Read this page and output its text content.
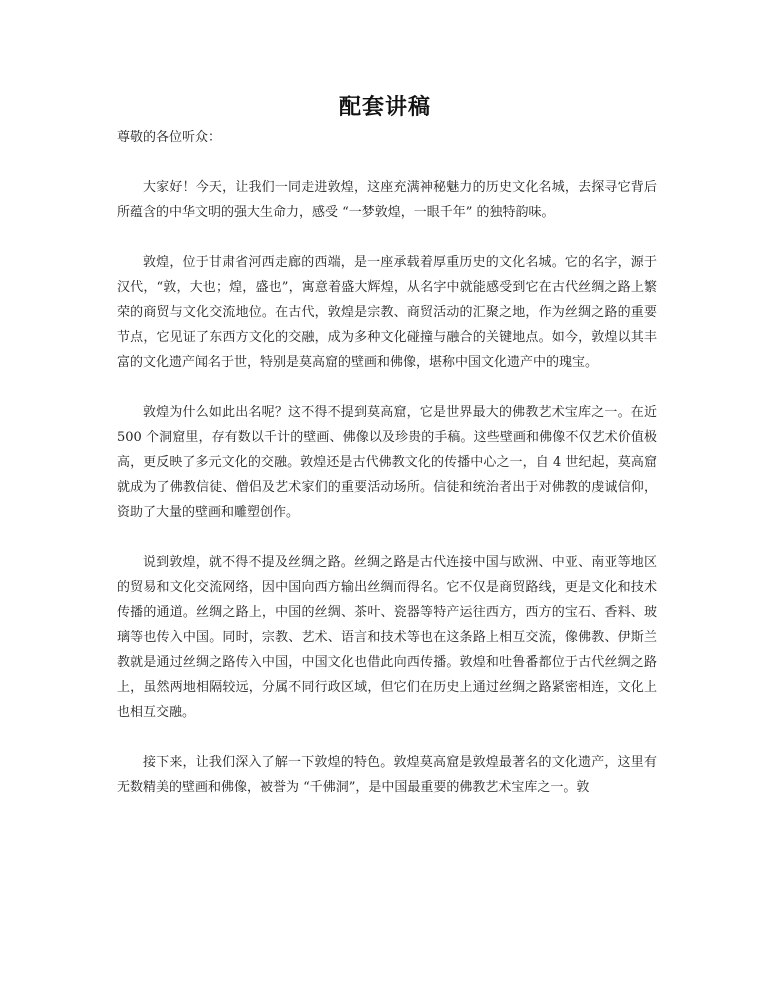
配套讲稿

尊敬的各位听众：

大家好！今天，让我们一同走进敦煌，这座充满神秘魅力的历史文化名城，去探寻它背后所蕴含的中华文明的强大生命力，感受 “一梦敦煌，一眼千年” 的独特韵味。

敦煌，位于甘肃省河西走廊的西端，是一座承载着厚重历史的文化名城。它的名字，源于汉代，“敦，大也；煌，盛也”，寓意着盛大辉煌，从名字中就能感受到它在古代丝绸之路上繁荣的商贸与文化交流地位。在古代，敦煌是宗教、商贸活动的汇聚之地，作为丝绸之路的重要节点，它见证了东西方文化的交融，成为多种文化碰撞与融合的关键地点。如今，敦煌以其丰富的文化遗产闻名于世，特别是莫高窟的壁画和佛像，堪称中国文化遗产中的瑰宝。

敦煌为什么如此出名呢？这不得不提到莫高窟，它是世界最大的佛教艺术宝库之一。在近 500 个洞窟里，存有数以千计的壁画、佛像以及珍贵的手稿。这些壁画和佛像不仅艺术价值极高，更反映了多元文化的交融。敦煌还是古代佛教文化的传播中心之一，自 4 世纪起，莫高窟就成为了佛教信徒、僧侣及艺术家们的重要活动场所。信徒和统治者出于对佛教的虔诚信仰，资助了大量的壁画和雕塑创作。

说到敦煌，就不得不提及丝绸之路。丝绸之路是古代连接中国与欧洲、中亚、南亚等地区的贸易和文化交流网络，因中国向西方输出丝绸而得名。它不仅是商贸路线，更是文化和技术传播的通道。丝绸之路上，中国的丝绸、茶叶、瓷器等特产运往西方，西方的宝石、香料、玻璃等也传入中国。同时，宗教、艺术、语言和技术等也在这条路上相互交流，像佛教、伊斯兰教就是通过丝绸之路传入中国，中国文化也借此向西传播。敦煌和吐鲁番都位于古代丝绸之路上，虽然两地相隔较远，分属不同行政区域，但它们在历史上通过丝绸之路紧密相连，文化上也相互交融。

接下来，让我们深入了解一下敦煌的特色。敦煌莫高窟是敦煌最著名的文化遗产，这里有无数精美的壁画和佛像，被誉为 “千佛洞”，是中国最重要的佛教艺术宝库之一。敦
